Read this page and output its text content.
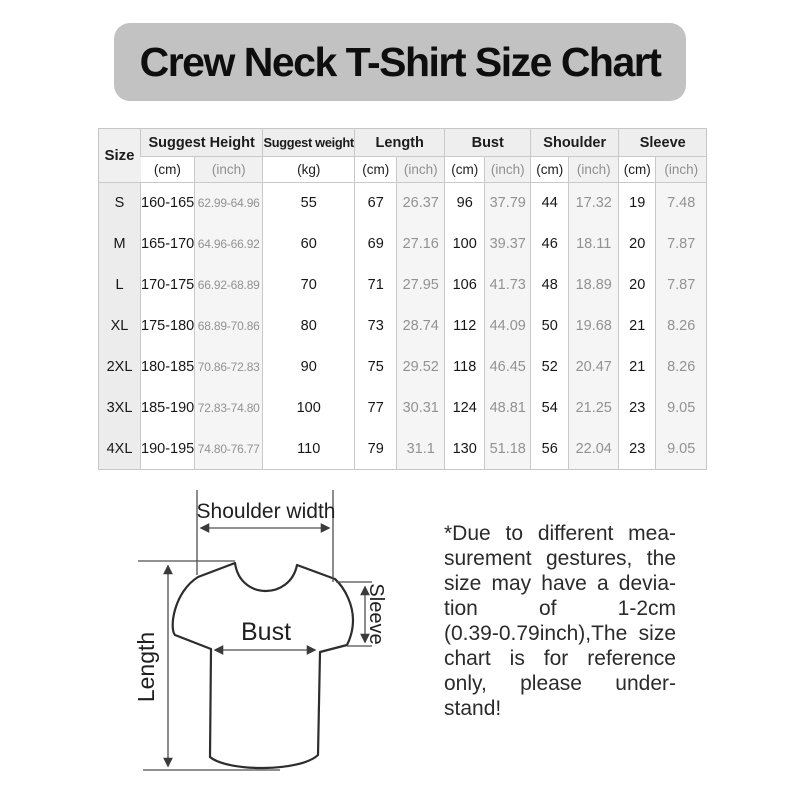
Crew Neck T-Shirt Size Chart
Size	Suggest Height		Suggest weight	Length		Bust		Shoulder		Sleeve	
	(cm)	(inch)	(kg)	(cm)	(inch)	(cm)	(inch)	(cm)	(inch)	(cm)	(inch)
S	160-165	62.99-64.96	55	67	26.37	96	37.79	44	17.32	19	7.48
M	165-170	64.96-66.92	60	69	27.16	100	39.37	46	18.11	20	7.87
L	170-175	66.92-68.89	70	71	27.95	106	41.73	48	18.89	20	7.87
XL	175-180	68.89-70.86	80	73	28.74	112	44.09	50	19.68	21	8.26
2XL	180-185	70.86-72.83	90	75	29.52	118	46.45	52	20.47	21	8.26
3XL	185-190	72.83-74.80	100	77	30.31	124	48.81	54	21.25	23	9.05
4XL	190-195	74.80-76.77	110	79	31.1	130	51.18	56	22.04	23	9.05
Shoulder width
Length	Bust	Sleeve
*Due to different mea-
surement gestures, the
size may have a devia-
tion of 1-2cm
(0.39-0.79inch),The size
chart is for reference
only, please under-
stand!
